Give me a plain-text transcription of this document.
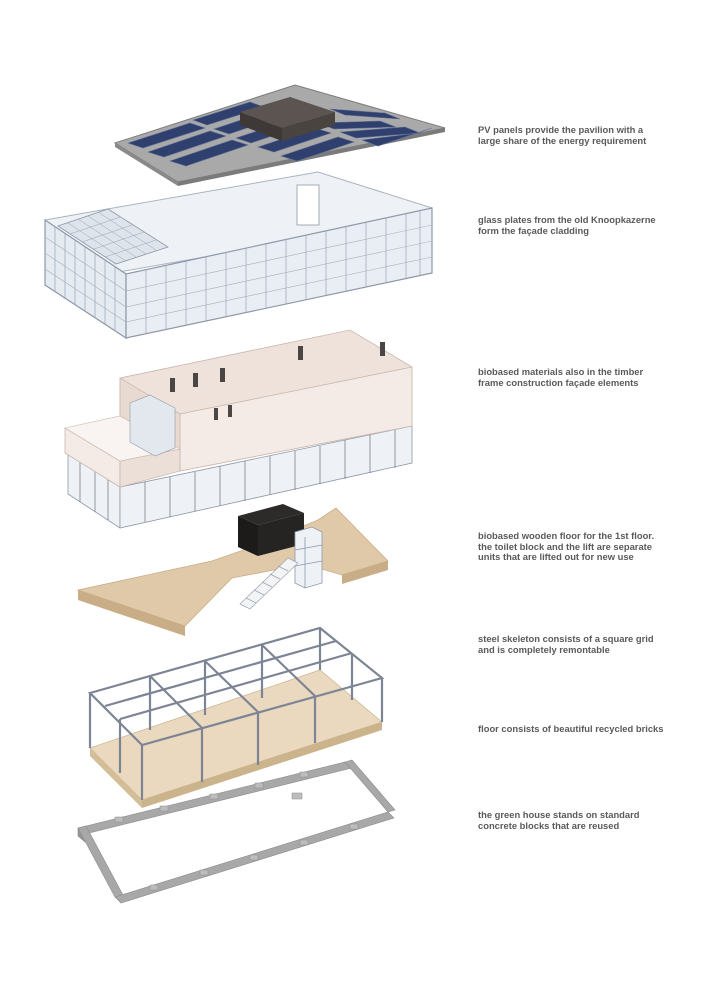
PV panels provide the pavilion with a large share of the energy requirement
glass plates from the old Knoopkazerne form the façade cladding
biobased materials also in the timber frame construction façade elements
biobased wooden floor for the 1st floor. the toilet block and the lift are separate units that are lifted out for new use
steel skeleton consists of a square grid and is completely remontable
floor consists of beautiful recycled bricks
the green house stands on standard concrete blocks that are reused
